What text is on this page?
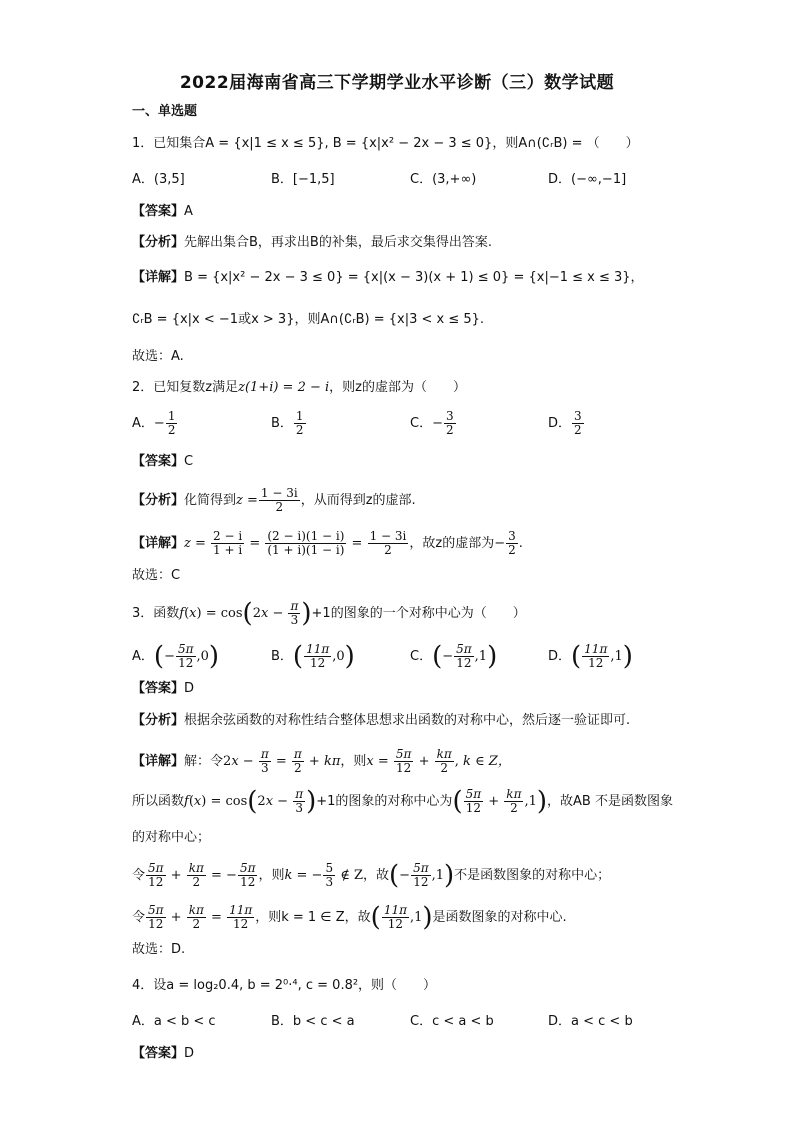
2022届海南省高三下学期学业水平诊断（三）数学试题
一、单选题
1．已知集合A = {x|1 ≤ x ≤ 5}, B = {x|x² − 2x − 3 ≤ 0}，则A∩(∁ᵣB) = （　　）
A．(3,5]	B．[−1,5]	C．(3,+∞)	D．(−∞,−1]
【答案】A
【分析】先解出集合B，再求出B的补集，最后求交集得出答案.
【详解】B = {x|x² − 2x − 3 ≤ 0} = {x|(x − 3)(x + 1) ≤ 0} = {x|−1 ≤ x ≤ 3}，
∁ᵣB = {x|x < −1或x > 3}，则A∩(∁ᵣB) = {x|3 < x ≤ 5}.
故选：A.
2．已知复数z满足z(1+i) = 2 − i，则z的虚部为（　　）
A．− $\frac{1}{2}$	B． $\frac{1}{2}$	C．− $\frac{3}{2}$	D． $\frac{3}{2}$
【答案】C
【分析】化简得到$z = \frac{1 - 3i}{2}$ ，从而得到z的虚部.
【详解】$z = \frac{2 - i}{1 + i} = \frac{(2 - i)(1 - i)}{(1 + i)(1 - i)} = \frac{1 - 3i}{2}$ ，故z的虚部为− $\frac{3}{2}$ .
故选：C
3．函数$f(x) = \cos(2x - \frac{\pi}{3} )+1$的图象的一个对称中心为（　　）
A．(− $\frac{5\pi}{12} ,0$)	B．( $\frac{11\pi}{12} ,0$)	C．(− $\frac{5\pi}{12} ,1$)	D．( $\frac{11\pi}{12} ,1$)
【答案】D
【分析】根据余弦函数的对称性结合整体思想求出函数的对称中心，然后逐一验证即可.
【详解】解：令$2x - \frac{\pi}{3} = \frac{\pi}{2} + k\pi$，则$x = \frac{5\pi}{12} + \frac{k\pi}{2}$ , k ∈ Z，
所以函数$f(x) = \cos(2x - \frac{\pi}{3} )+1$的图象的对称中心为( $\frac{5\pi}{12} + \frac{k\pi}{2} ,1$)，故AB 不是函数图象
的对称中心；
令 $\frac{5\pi}{12} + \frac{k\pi}{2}$ = − $\frac{5\pi}{12}$ ，则k = − $\frac{5}{3}$ ∉ Z，故(− $\frac{5\pi}{12} ,1$)不是函数图象的对称中心；
令 $\frac{5\pi}{12} + \frac{k\pi}{2} = \frac{11\pi}{12}$ ，则k = 1 ∈ Z，故( $\frac{11\pi}{12} ,1$)是函数图象的对称中心.
故选：D.
4．设a = log₂0.4, b = 2⁰·⁴, c = 0.8²，则（　　）
A．a < b < c	B．b < c < a	C．c < a < b	D．a < c < b
【答案】D
